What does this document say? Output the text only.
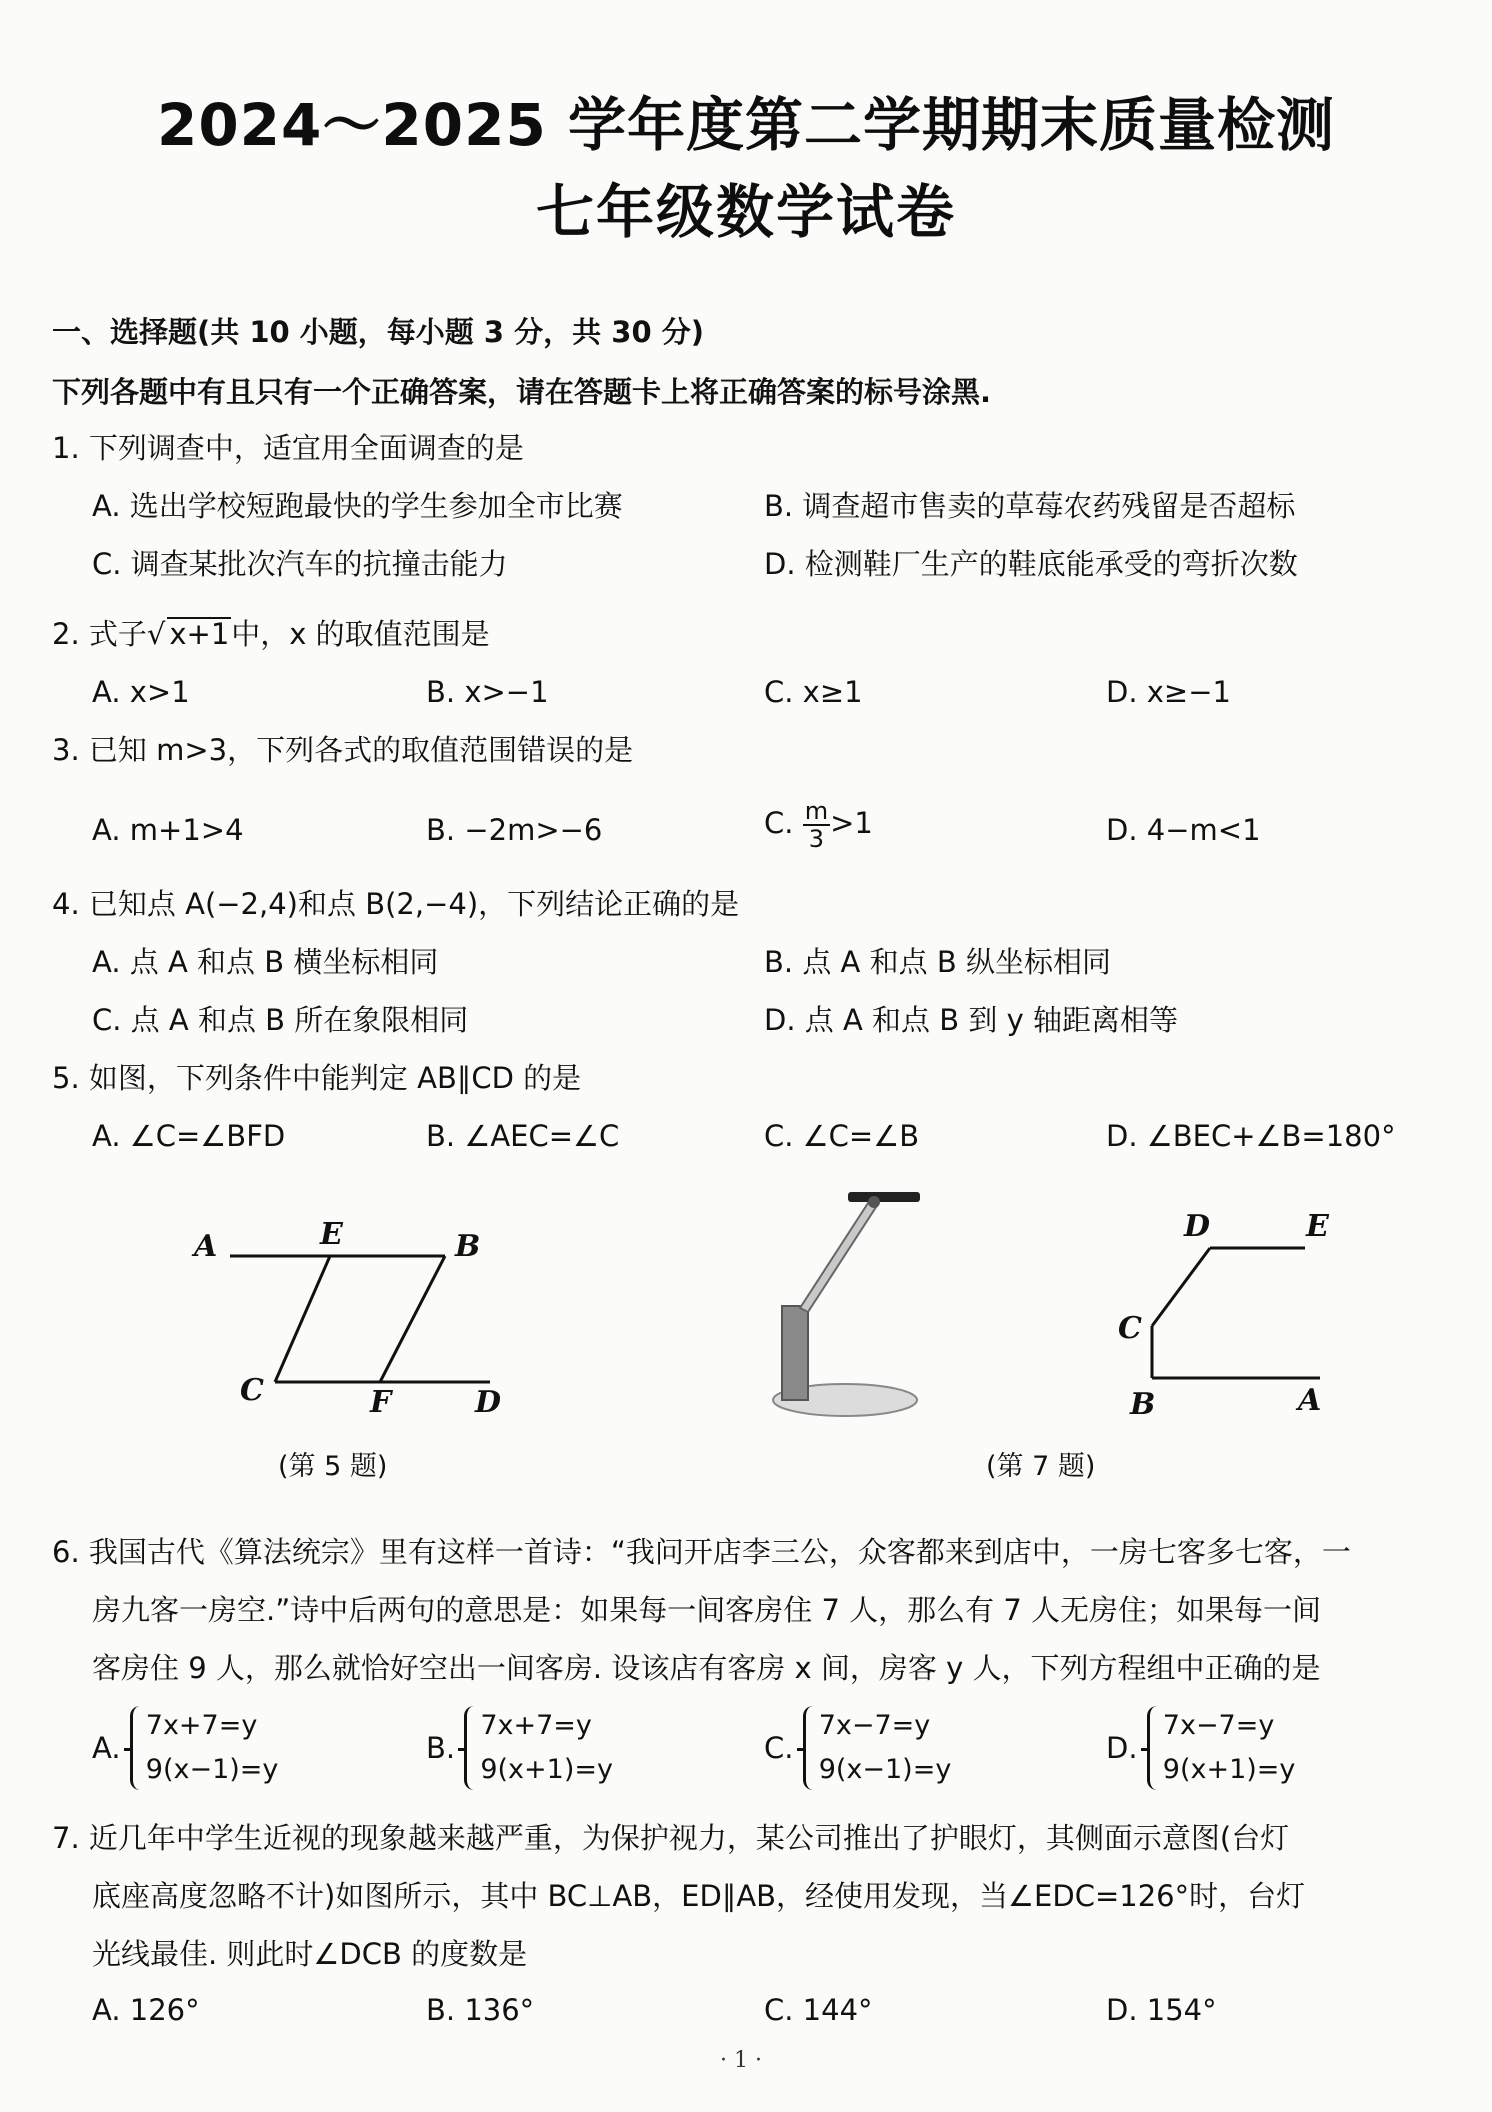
2024～2025 学年度第二学期期末质量检测
七年级数学试卷
一、选择题(共 10 小题，每小题 3 分，共 30 分)
下列各题中有且只有一个正确答案，请在答题卡上将正确答案的标号涂黑.
1. 下列调查中，适宜用全面调查的是
A. 选出学校短跑最快的学生参加全市比赛	B. 调查超市售卖的草莓农药残留是否超标
C. 调查某批次汽车的抗撞击能力	D. 检测鞋厂生产的鞋底能承受的弯折次数
2. 式子√ x+1中，x 的取值范围是
A. x>1	B. x>−1	C. x≥1	D. x≥−1
3. 已知 m>3，下列各式的取值范围错误的是
A. m+1>4	B. −2m>−6	C. $\frac{m}{3} >1$	D. 4−m<1
4. 已知点 A(−2,4)和点 B(2,−4)，下列结论正确的是
A. 点 A 和点 B 横坐标相同	B. 点 A 和点 B 纵坐标相同
C. 点 A 和点 B 所在象限相同	D. 点 A 和点 B 到 y 轴距离相等
5. 如图，下列条件中能判定 AB∥CD 的是
A. ∠C=∠BFD	B. ∠AEC=∠C	C. ∠C=∠B	D. ∠BEC+∠B=180°
A	E	B
C	F	D
(第 5 题)
D	E
C
B	A
(第 7 题)
6. 我国古代《算法统宗》里有这样一首诗：“我问开店李三公，众客都来到店中，一房七客多七客，一
房九客一房空.”诗中后两句的意思是：如果每一间客房住 7 人，那么有 7 人无房住；如果每一间
客房住 9 人，那么就恰好空出一间客房. 设该店有客房 x 间，房客 y 人，下列方程组中正确的是
A.
7x+7=y
9(x−1)=y
B.
7x+7=y
9(x+1)=y
C.
7x−7=y
9(x−1)=y
D.
7x−7=y
9(x+1)=y
7. 近几年中学生近视的现象越来越严重，为保护视力，某公司推出了护眼灯，其侧面示意图(台灯
底座高度忽略不计)如图所示，其中 BC⊥AB，ED∥AB，经使用发现，当∠EDC=126°时，台灯
光线最佳. 则此时∠DCB 的度数是
A. 126°	B. 136°	C. 144°	D. 154°
· 1 ·
